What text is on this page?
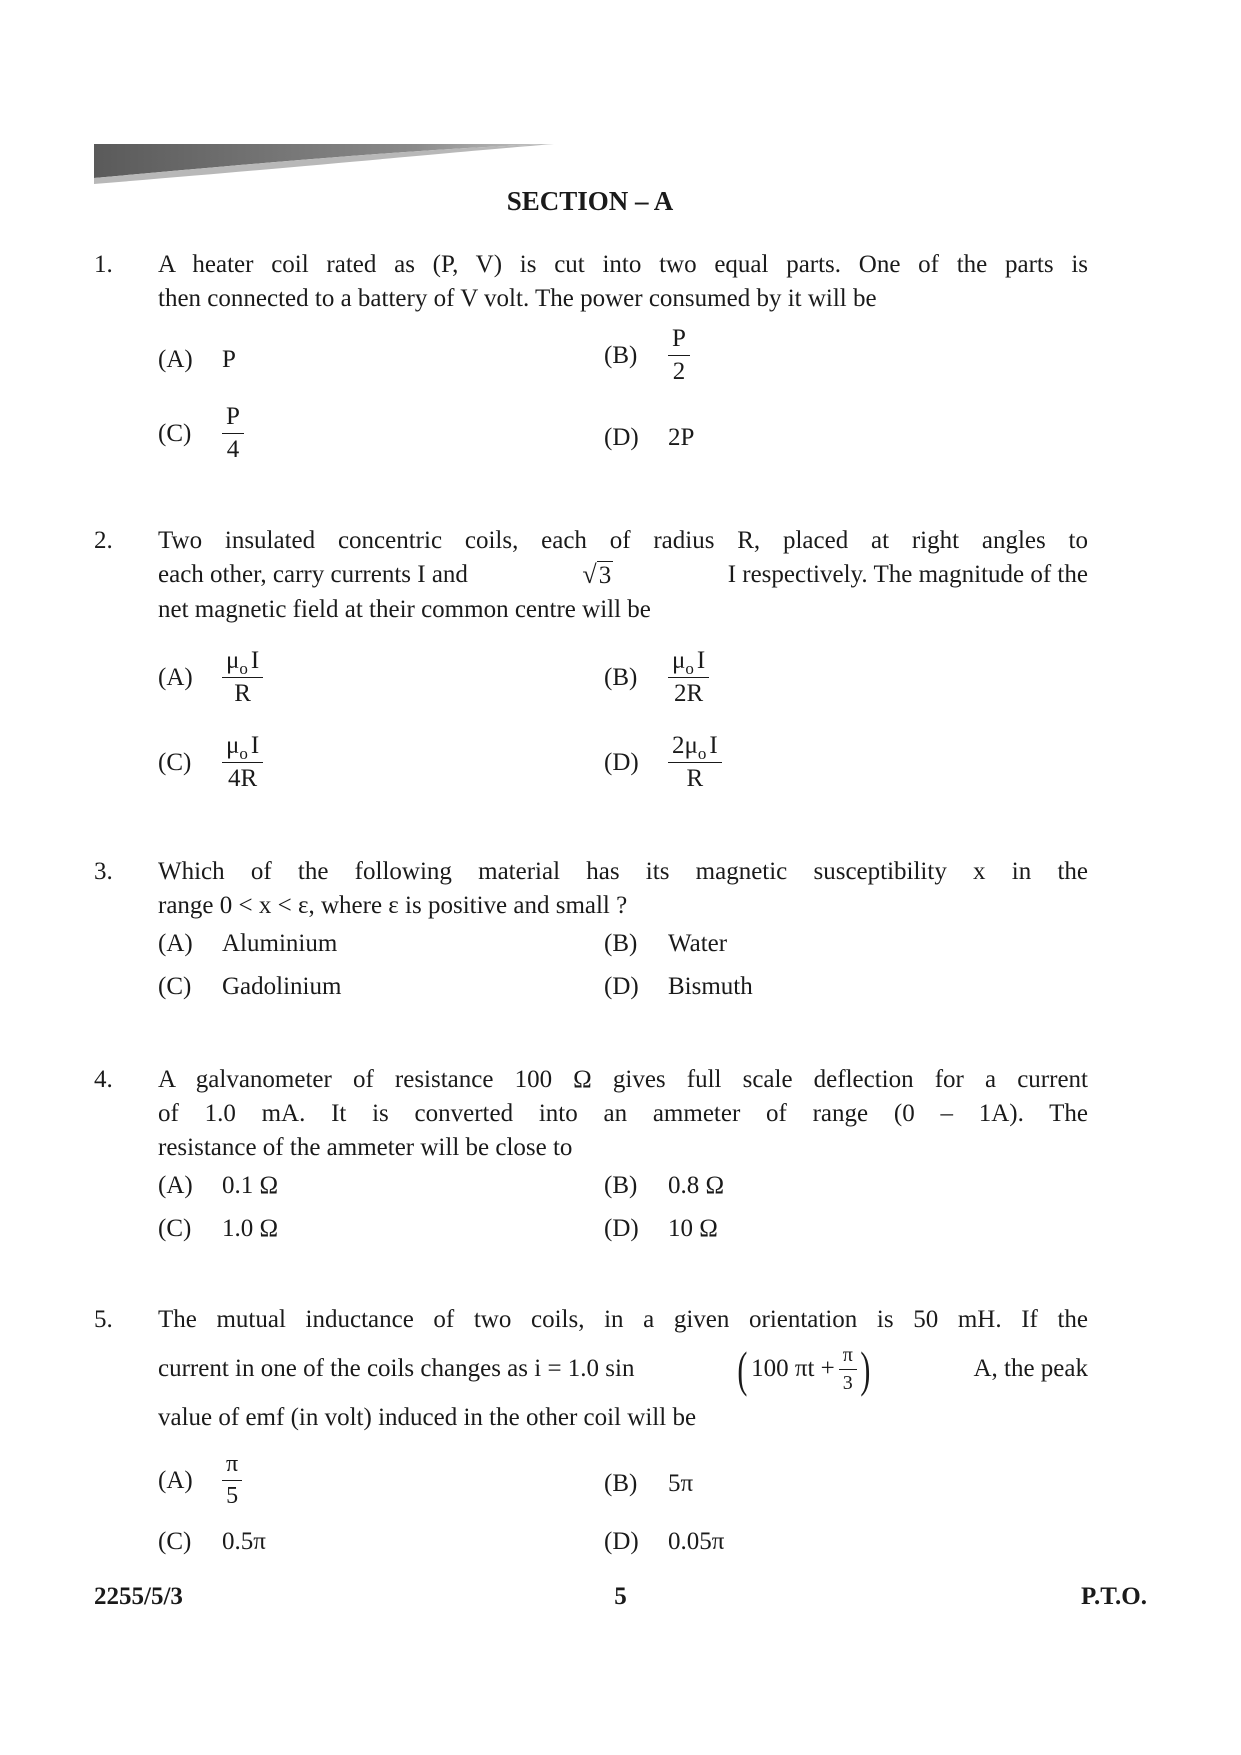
SECTION – A
1. A heater coil rated as (P, V) is cut into two equal parts. One of the parts is
then connected to a battery of V volt. The power consumed by it will be
(A)	P	(B)	$\frac{P}{2}$
(C)	$\frac{P}{4}$	(D)	2P
2. Two insulated concentric coils, each of radius R, placed at right angles to
each other, carry currents I and	√3	I respectively. The magnitude of the
net magnetic field at their common centre will be
(A)	$\frac{\mu_o I}{R}$	(B)	$\frac{\mu_o I}{2R}$
(C)	$\frac{\mu_o I}{4R}$	(D)	$\frac{2\mu_o I}{R}$
3. Which of the following material has its magnetic susceptibility x in the
range 0 < x < ε, where ε is positive and small ?
(A)	Aluminium	(B)	Water
(C)	Gadolinium	(D)	Bismuth
4. A galvanometer of resistance 100 Ω gives full scale deflection for a current
of 1.0 mA. It is converted into an ammeter of range (0 – 1A). The
resistance of the ammeter will be close to
(A)	0.1 Ω	(B)	0.8 Ω
(C)	1.0 Ω	(D)	10 Ω
5. The mutual inductance of two coils, in a given orientation is 50 mH. If the
current in one of the coils changes as i = 1.0 sin ( 100 $\pi t + \frac{\pi}{3}$ )	A, the peak
value of emf (in volt) induced in the other coil will be
(A)	$\frac{\pi}{5}$	(B)	5π
(C)	0.5π	(D)	0.05π
2255/5/3	5	P.T.O.
